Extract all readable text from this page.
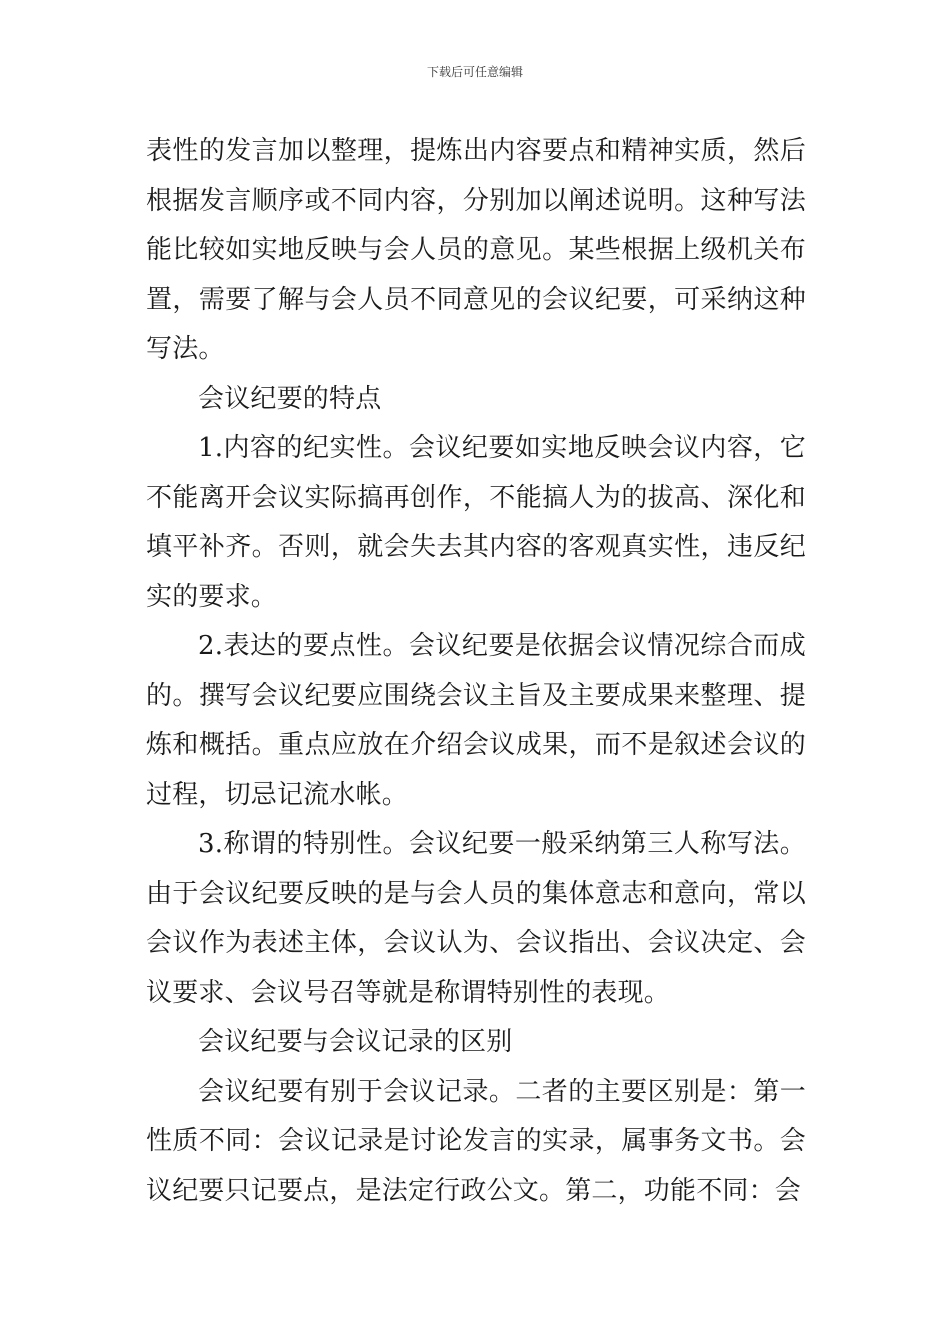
下载后可任意编辑

表性的发言加以整理，提炼出内容要点和精神实质，然后根据发言顺序或不同内容，分别加以阐述说明。这种写法能比较如实地反映与会人员的意见。某些根据上级机关布置，需要了解与会人员不同意见的会议纪要，可采纳这种写法。

会议纪要的特点

1.内容的纪实性。会议纪要如实地反映会议内容，它不能离开会议实际搞再创作，不能搞人为的拔高、深化和填平补齐。否则，就会失去其内容的客观真实性，违反纪实的要求。

2.表达的要点性。会议纪要是依据会议情况综合而成的。撰写会议纪要应围绕会议主旨及主要成果来整理、提炼和概括。重点应放在介绍会议成果，而不是叙述会议的过程，切忌记流水帐。

3.称谓的特别性。会议纪要一般采纳第三人称写法。由于会议纪要反映的是与会人员的集体意志和意向，常以会议作为表述主体，会议认为、会议指出、会议决定、会议要求、会议号召等就是称谓特别性的表现。

会议纪要与会议记录的区别

会议纪要有别于会议记录。二者的主要区别是：第一性质不同：会议记录是讨论发言的实录，属事务文书。会议纪要只记要点，是法定行政公文。第二，功能不同：会
